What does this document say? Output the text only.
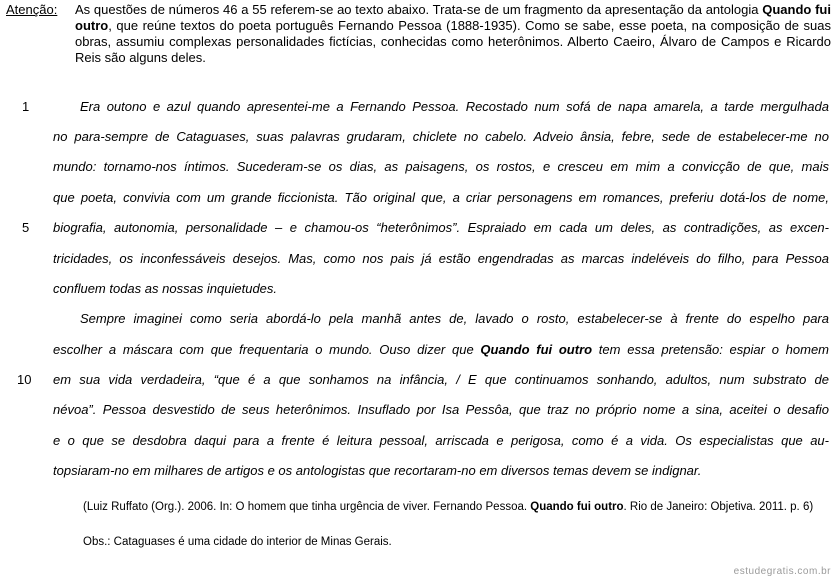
Atenção: As questões de números 46 a 55 referem-se ao texto abaixo. Trata-se de um fragmento da apresentação da antologia Quando fui outro, que reúne textos do poeta português Fernando Pessoa (1888-1935). Como se sabe, esse poeta, na composição de suas obras, assumiu complexas personalidades fictícias, conhecidas como heterônimos. Alberto Caeiro, Álvaro de Campos e Ricardo Reis são alguns deles.
1
5
10
Era outono e azul quando apresentei-me a Fernando Pessoa. Recostado num sofá de napa amarela, a tarde mergulhada
no para-sempre de Cataguases, suas palavras grudaram, chiclete no cabelo. Adveio ânsia, febre, sede de estabelecer-me no
mundo: tornamo-nos íntimos. Sucederam-se os dias, as paisagens, os rostos, e cresceu em mim a convicção de que, mais
que poeta, convivia com um grande ficcionista. Tão original que, a criar personagens em romances, preferiu dotá-los de nome,
biografia, autonomia, personalidade – e chamou-os “heterônimos”. Espraiado em cada um deles, as contradições, as excen-
tricidades, os inconfessáveis desejos. Mas, como nos pais já estão engendradas as marcas indeléveis do filho, para Pessoa
confluem todas as nossas inquietudes.
Sempre imaginei como seria abordá-lo pela manhã antes de, lavado o rosto, estabelecer-se à frente do espelho para
escolher a máscara com que frequentaria o mundo. Ouso dizer que Quando fui outro tem essa pretensão: espiar o homem
em sua vida verdadeira, “que é a que sonhamos na infância, / E que continuamos sonhando, adultos, num substrato de
névoa”. Pessoa desvestido de seus heterônimos. Insuflado por Isa Pessôa, que traz no próprio nome a sina, aceitei o desafio
e o que se desdobra daqui para a frente é leitura pessoal, arriscada e perigosa, como é a vida. Os especialistas que au-
topsiaram-no em milhares de artigos e os antologistas que recortaram-no em diversos temas devem se indignar.
(Luiz Ruffato (Org.). 2006. In: O homem que tinha urgência de viver. Fernando Pessoa. Quando fui outro. Rio de Janeiro: Objetiva. 2011. p. 6)
Obs.: Cataguases é uma cidade do interior de Minas Gerais.
estudegratis.com.br
